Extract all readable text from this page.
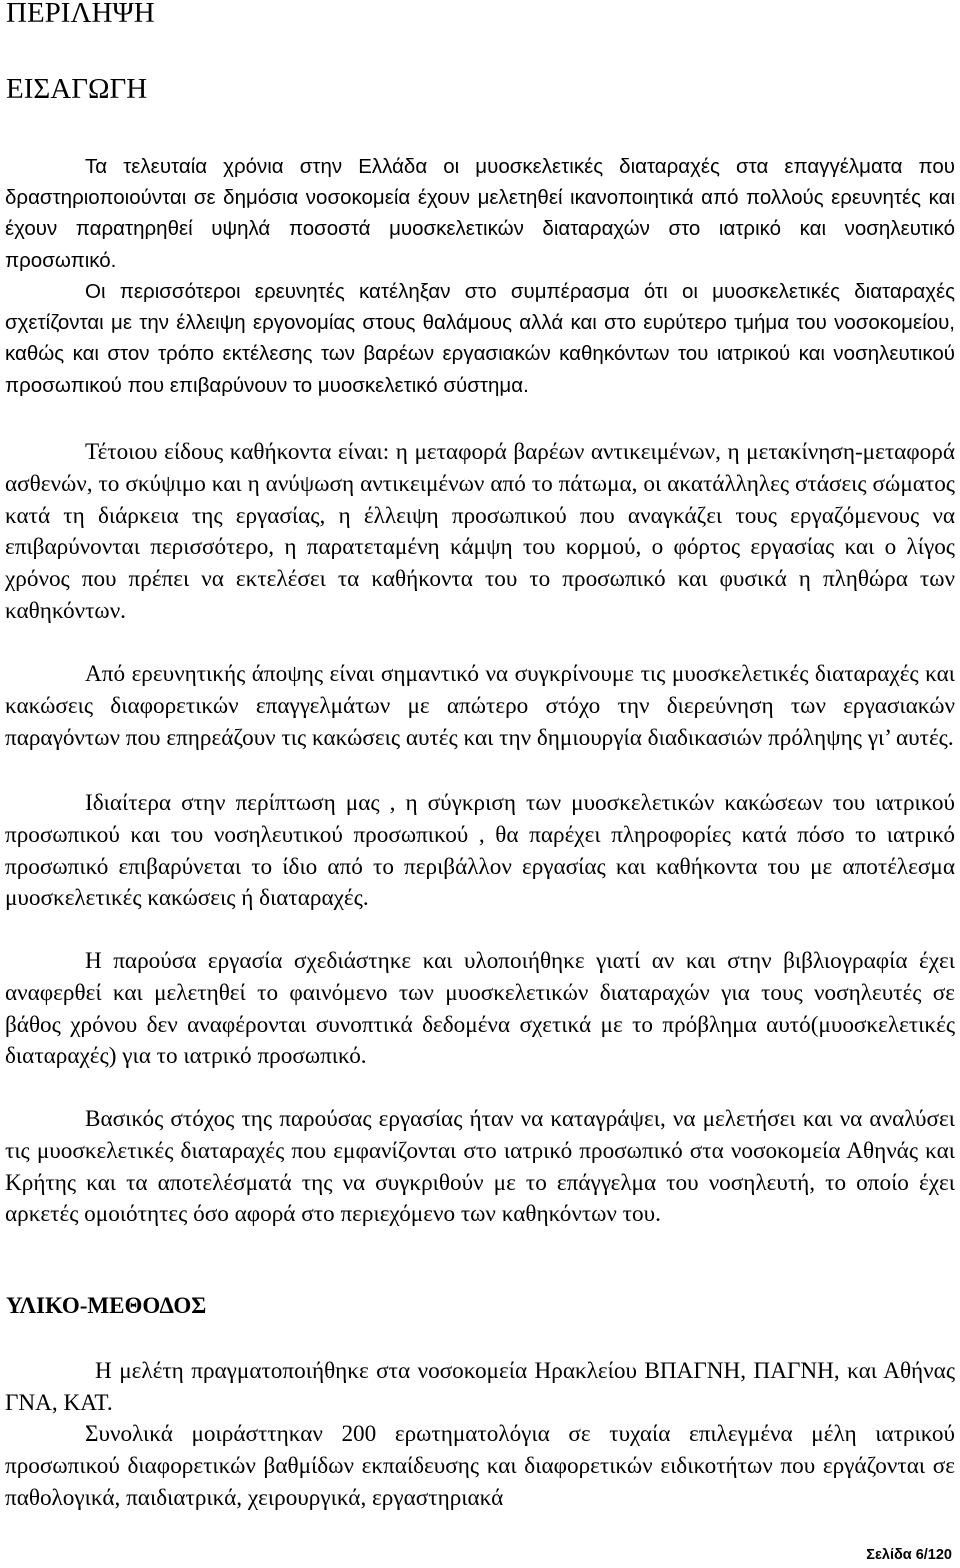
ΠΕΡΙΛΗΨΗ
ΕΙΣΑΓΩΓΗ

Τα τελευταία χρόνια στην Ελλάδα οι μυοσκελετικές διαταραχές στα επαγγέλματα που δραστηριοποιούνται σε δημόσια νοσοκομεία έχουν μελετηθεί ικανοποιητικά από πολλούς ερευνητές και έχουν παρατηρηθεί υψηλά ποσοστά μυοσκελετικών διαταραχών στο ιατρικό και νοσηλευτικό προσωπικό.

Οι περισσότεροι ερευνητές κατέληξαν στο συμπέρασμα ότι οι μυοσκελετικές διαταραχές σχετίζονται με την έλλειψη εργονομίας στους θαλάμους αλλά και στο ευρύτερο τμήμα του νοσοκομείου, καθώς και στον τρόπο εκτέλεσης των βαρέων εργασιακών καθηκόντων του ιατρικού και νοσηλευτικού προσωπικού που επιβαρύνουν το μυοσκελετικό σύστημα.

Τέτοιου είδους καθήκοντα είναι: η μεταφορά βαρέων αντικειμένων, η μετακίνηση-μεταφορά ασθενών, το σκύψιμο και η ανύψωση αντικειμένων από το πάτωμα, οι ακατάλληλες στάσεις σώματος κατά τη διάρκεια της εργασίας, η έλλειψη προσωπικού που αναγκάζει τους εργαζόμενους να επιβαρύνονται περισσότερο, η παρατεταμένη κάμψη του κορμού, ο φόρτος εργασίας και ο λίγος χρόνος που πρέπει να εκτελέσει τα καθήκοντα του το προσωπικό και φυσικά η πληθώρα των καθηκόντων.

Από ερευνητικής άποψης είναι σημαντικό να συγκρίνουμε τις μυοσκελετικές διαταραχές και κακώσεις διαφορετικών επαγγελμάτων με απώτερο στόχο την διερεύνηση των εργασιακών παραγόντων που επηρεάζουν τις κακώσεις αυτές και την δημιουργία διαδικασιών πρόληψης γι’ αυτές.

Ιδιαίτερα στην περίπτωση μας , η σύγκριση των μυοσκελετικών κακώσεων του ιατρικού προσωπικού και του νοσηλευτικού προσωπικού , θα παρέχει πληροφορίες κατά πόσο το ιατρικό προσωπικό επιβαρύνεται το ίδιο από το περιβάλλον εργασίας και καθήκοντα του με αποτέλεσμα μυοσκελετικές κακώσεις ή διαταραχές.

Η παρούσα εργασία σχεδιάστηκε και υλοποιήθηκε γιατί αν και στην βιβλιογραφία έχει αναφερθεί και μελετηθεί το φαινόμενο των μυοσκελετικών διαταραχών για τους νοσηλευτές σε βάθος χρόνου δεν αναφέρονται συνοπτικά δεδομένα σχετικά με το πρόβλημα αυτό(μυοσκελετικές διαταραχές) για το ιατρικό προσωπικό.

Βασικός στόχος της παρούσας εργασίας ήταν να καταγράψει, να μελετήσει και να αναλύσει τις μυοσκελετικές διαταραχές που εμφανίζονται στο ιατρικό προσωπικό στα νοσοκομεία Αθηνάς και Κρήτης και τα αποτελέσματά της να συγκριθούν με το επάγγελμα του νοσηλευτή, το οποίο έχει αρκετές ομοιότητες όσο αφορά στο περιεχόμενο των καθηκόντων του.

ΥΛΙΚΟ-ΜΕΘΟΔΟΣ

Η μελέτη πραγματοποιήθηκε στα νοσοκομεία Ηρακλείου ΒΠΑΓΝΗ, ΠΑΓΝΗ, και Αθήνας ΓΝΑ, ΚΑΤ.

Συνολικά μοιράσττηκαν 200 ερωτηματολόγια σε τυχαία επιλεγμένα μέλη ιατρικού προσωπικού διαφορετικών βαθμίδων εκπαίδευσης και διαφορετικών ειδικοτήτων που εργάζονται σε παθολογικά, παιδιατρικά, χειρουργικά, εργαστηριακά

Σελίδα 6/120
